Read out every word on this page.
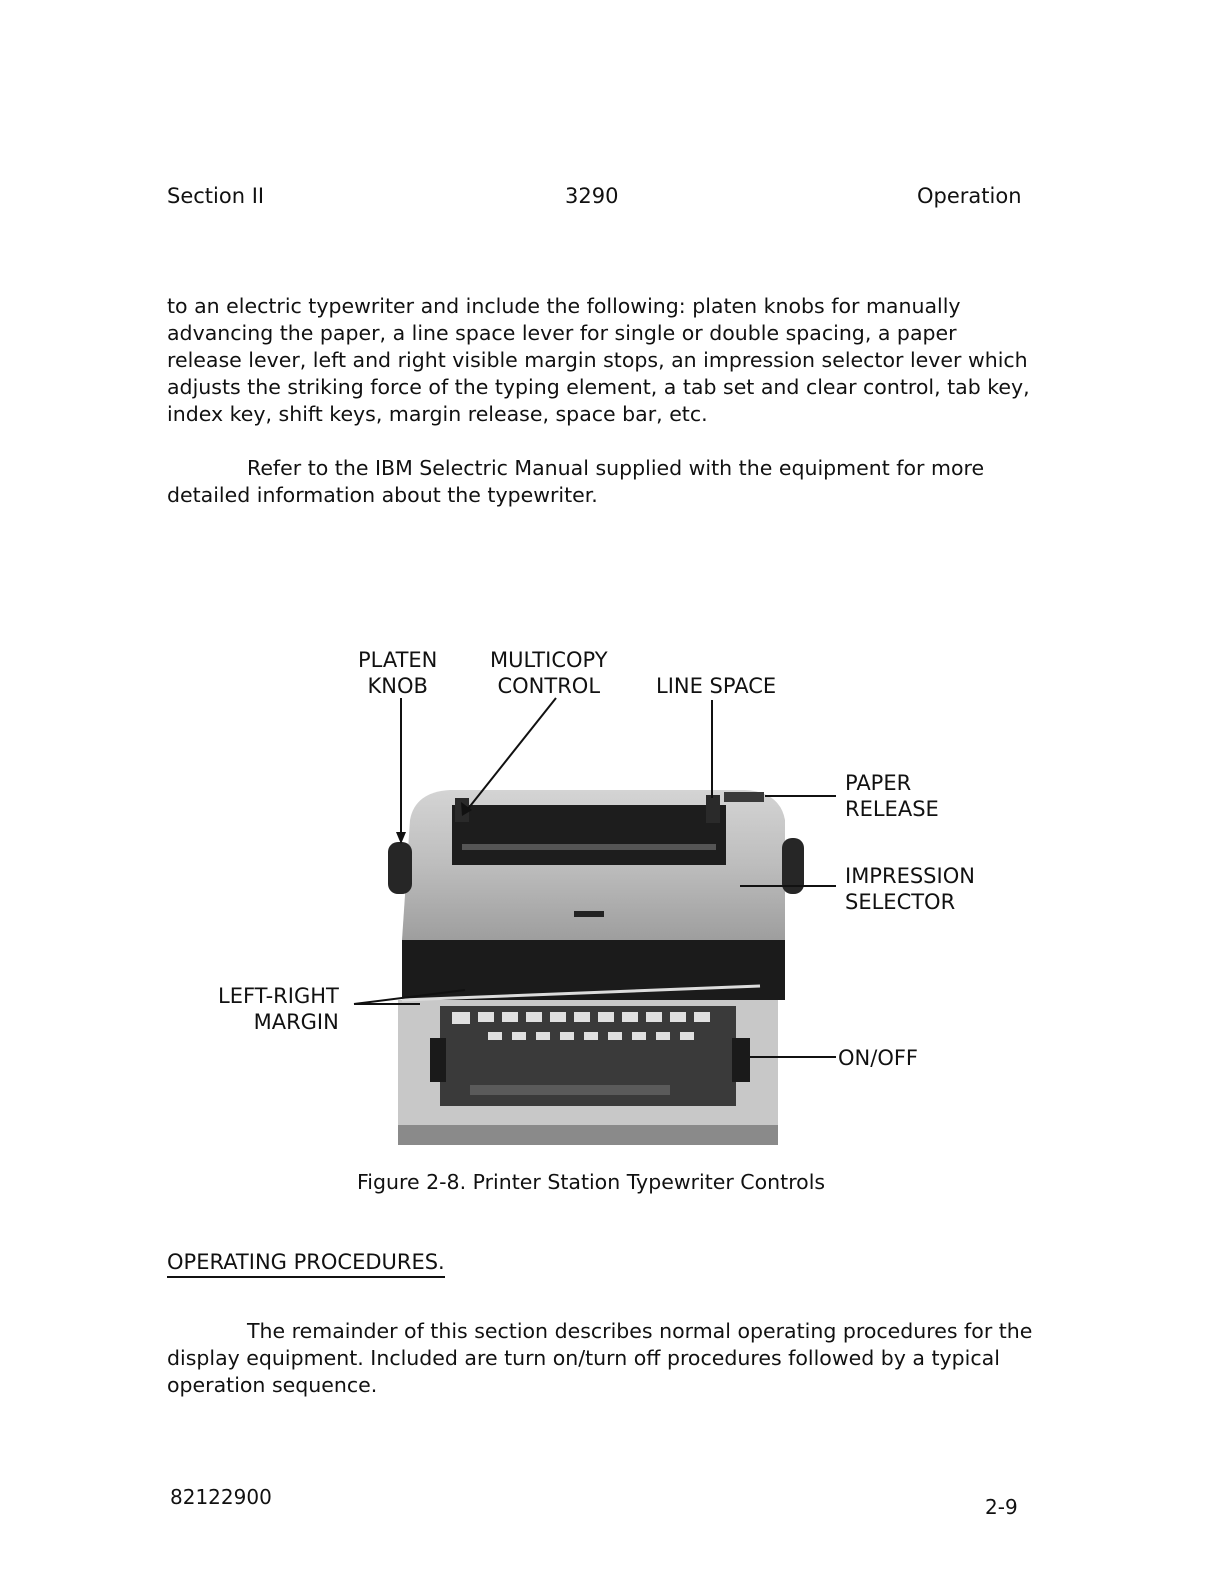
Section II	3290	Operation

to an electric typewriter and include the following: platen knobs for manually advancing the paper, a line space lever for single or double spacing, a paper release lever, left and right visible margin stops, an impression selector lever which adjusts the striking force of the typing element, a tab set and clear control, tab key, index key, shift keys, margin release, space bar, etc.

Refer to the IBM Selectric Manual supplied with the equipment for more detailed information about the typewriter.

PLATEN
KNOB
MULTICOPY
CONTROL	LINE SPACE
PAPER
RELEASE
IMPRESSION
SELECTOR
LEFT-RIGHT
MARGIN
ON/OFF
Figure 2-8. Printer Station Typewriter Controls
OPERATING PROCEDURES.

The remainder of this section describes normal operating procedures for the display equipment. Included are turn on/turn off procedures followed by a typical operation sequence.

82122900	2-9
